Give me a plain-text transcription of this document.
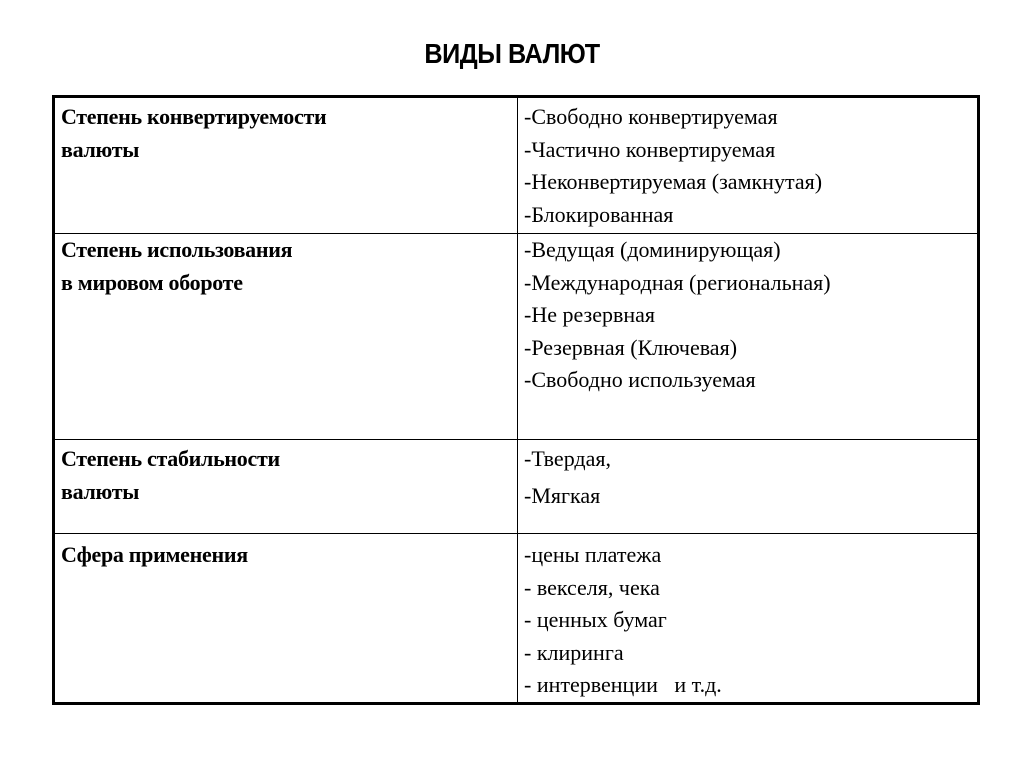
ВИДЫ ВАЛЮТ
Степень конвертируемости
валюты	-Свободно конвертируемая
-Частично конвертируемая
-Неконвертируемая (замкнутая)
-Блокированная

Степень использования
в мировом обороте	-Ведущая (доминирующая)
-Международная (региональная)
-Не резервная
-Резервная (Ключевая)
-Свободно используемая

Степень стабильности
валюты	-Твердая,
-Мягкая

Сфера применения	-цены платежа
- векселя, чека
- ценных бумаг
- клиринга
- интервенции   и т.д.
